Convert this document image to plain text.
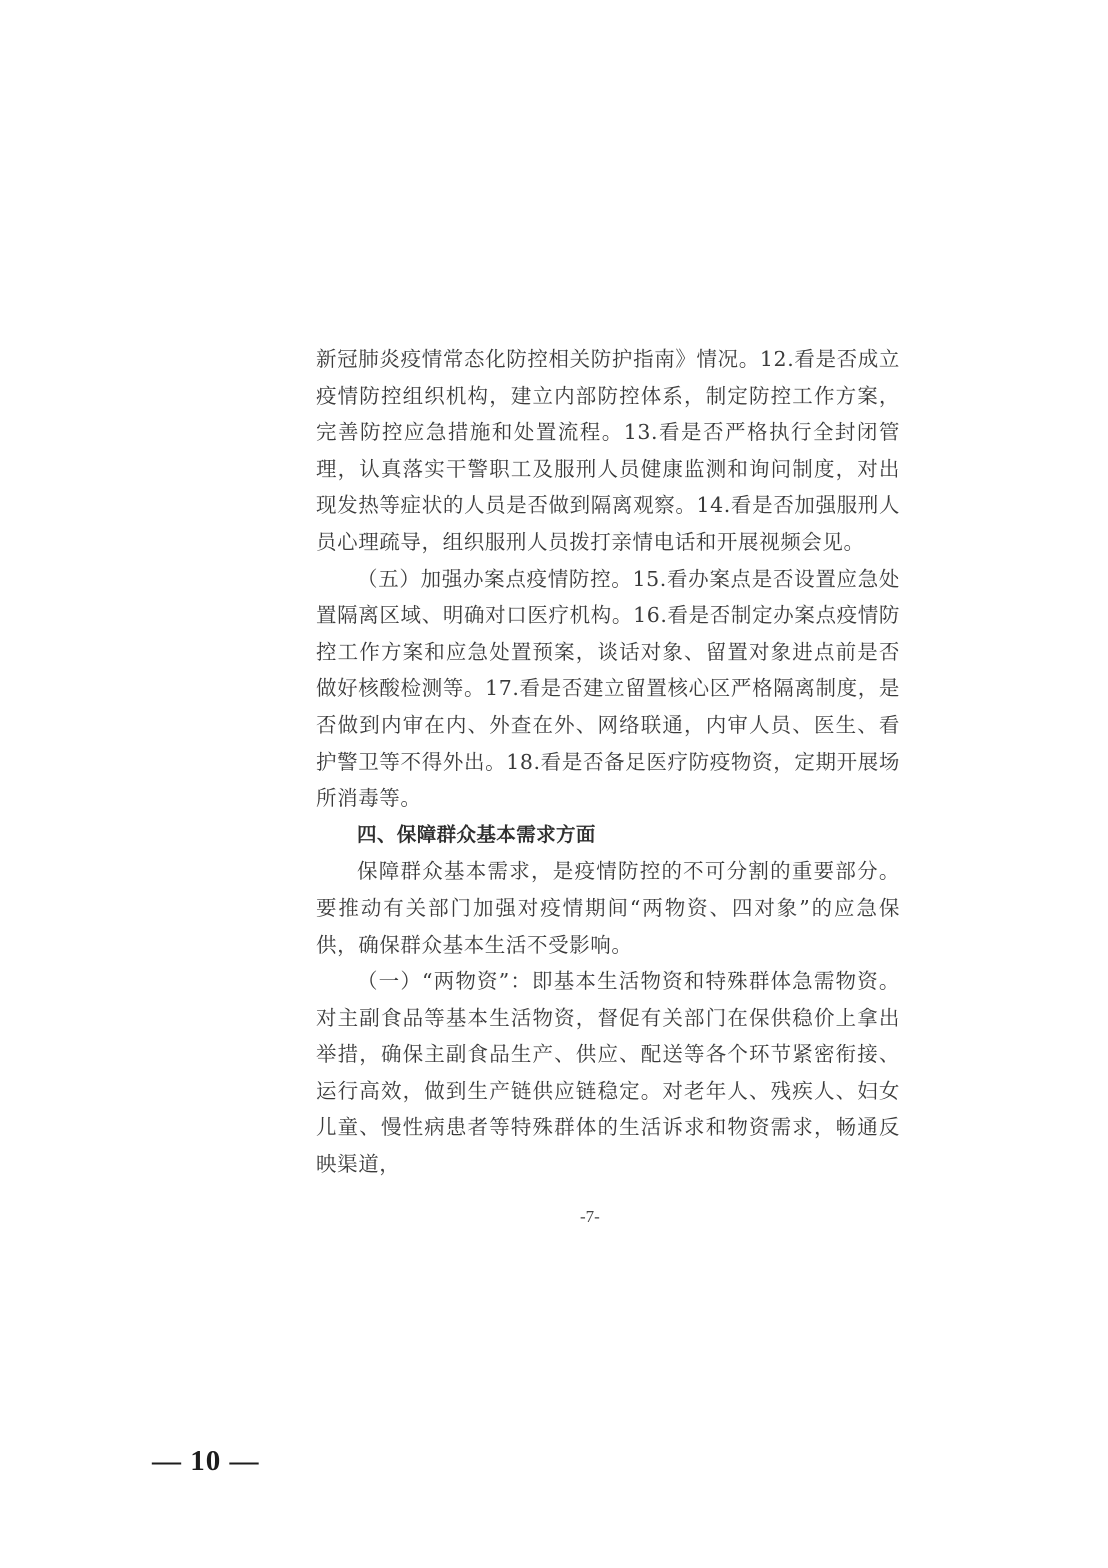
新冠肺炎疫情常态化防控相关防护指南》情况。12.看是否成立疫情防控组织机构，建立内部防控体系，制定防控工作方案，完善防控应急措施和处置流程。13.看是否严格执行全封闭管理，认真落实干警职工及服刑人员健康监测和询问制度，对出现发热等症状的人员是否做到隔离观察。14.看是否加强服刑人员心理疏导，组织服刑人员拨打亲情电话和开展视频会见。

（五）加强办案点疫情防控。15.看办案点是否设置应急处置隔离区域、明确对口医疗机构。16.看是否制定办案点疫情防控工作方案和应急处置预案，谈话对象、留置对象进点前是否做好核酸检测等。17.看是否建立留置核心区严格隔离制度，是否做到内审在内、外查在外、网络联通，内审人员、医生、看护警卫等不得外出。18.看是否备足医疗防疫物资，定期开展场所消毒等。

四、保障群众基本需求方面

保障群众基本需求，是疫情防控的不可分割的重要部分。要推动有关部门加强对疫情期间“两物资、四对象”的应急保供，确保群众基本生活不受影响。

（一）“两物资”：即基本生活物资和特殊群体急需物资。对主副食品等基本生活物资，督促有关部门在保供稳价上拿出举措，确保主副食品生产、供应、配送等各个环节紧密衔接、运行高效，做到生产链供应链稳定。对老年人、残疾人、妇女儿童、慢性病患者等特殊群体的生活诉求和物资需求，畅通反映渠道，

-7-
— 10 —
